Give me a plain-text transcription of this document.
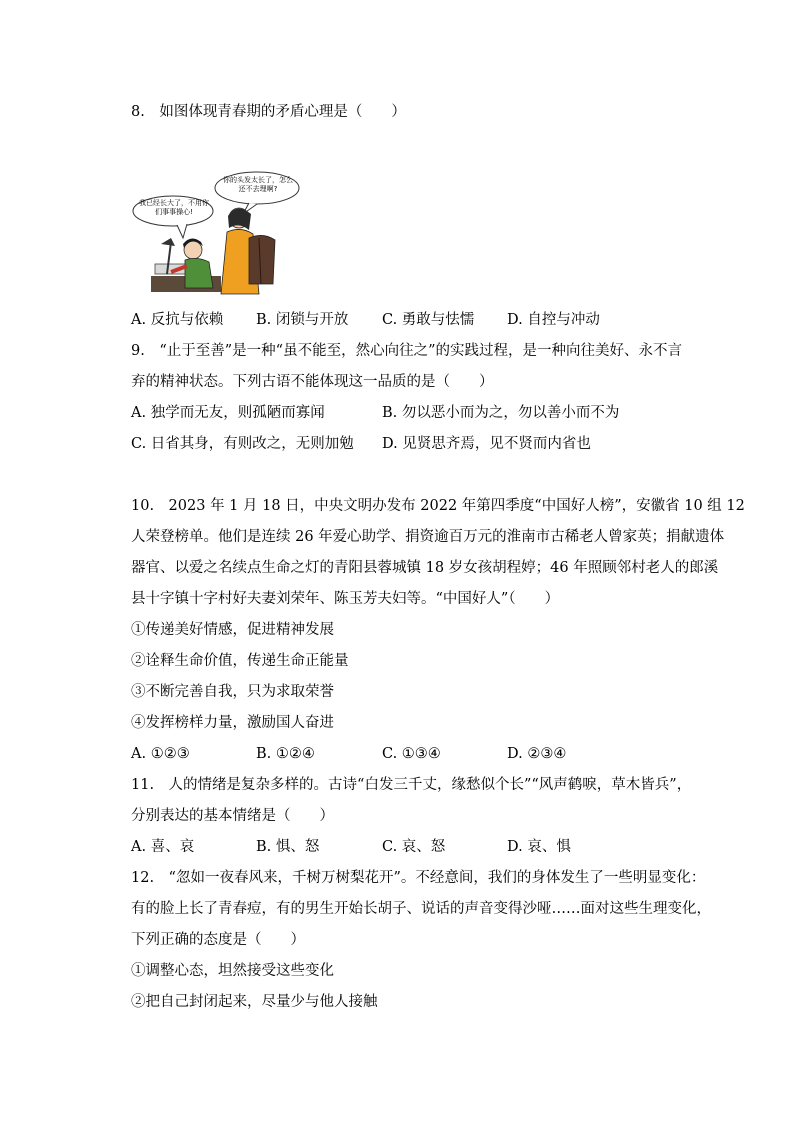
8.　如图体现青春期的矛盾心理是（　　）
我已经长大了，不用你们事事操心!
你的头发太长了，怎么还不去理啊?
A. 反抗与依赖 B. 闭锁与开放 C. 勇敢与怯懦 D. 自控与冲动
9.　“止于至善”是一种“虽不能至，然心向往之”的实践过程，是一种向往美好、永不言
弃的精神状态。下列古语不能体现这一品质的是（　　）
A. 独学而无友，则孤陋而寡闻	B. 勿以恶小而为之，勿以善小而不为
C. 日省其身，有则改之，无则加勉 D. 见贤思齐焉，见不贤而内省也
10.　2023 年 1 月 18 日，中央文明办发布 2022 年第四季度“中国好人榜”，安徽省 10 组 12
人荣登榜单。他们是连续 26 年爱心助学、捐资逾百万元的淮南市古稀老人曾家英；捐献遗体
器官、以爱之名续点生命之灯的青阳县蓉城镇 18 岁女孩胡程婷；46 年照顾邻村老人的郎溪
县十字镇十字村好夫妻刘荣年、陈玉芳夫妇等。“中国好人”（　　）
①传递美好情感，促进精神发展
②诠释生命价值，传递生命正能量
③不断完善自我，只为求取荣誉
④发挥榜样力量，激励国人奋进
A. ①②③	B. ①②④	C. ①③④	D. ②③④
11.　人的情绪是复杂多样的。古诗“白发三千丈，缘愁似个长”“风声鹤唳，草木皆兵”，
分别表达的基本情绪是（　　）
A. 喜、哀	B. 惧、怒	C. 哀、怒	D. 哀、惧
12.　“忽如一夜春风来，千树万树梨花开”。不经意间，我们的身体发生了一些明显变化：
有的脸上长了青春痘，有的男生开始长胡子、说话的声音变得沙哑……面对这些生理变化，
下列正确的态度是（　　）
①调整心态，坦然接受这些变化
②把自己封闭起来，尽量少与他人接触
